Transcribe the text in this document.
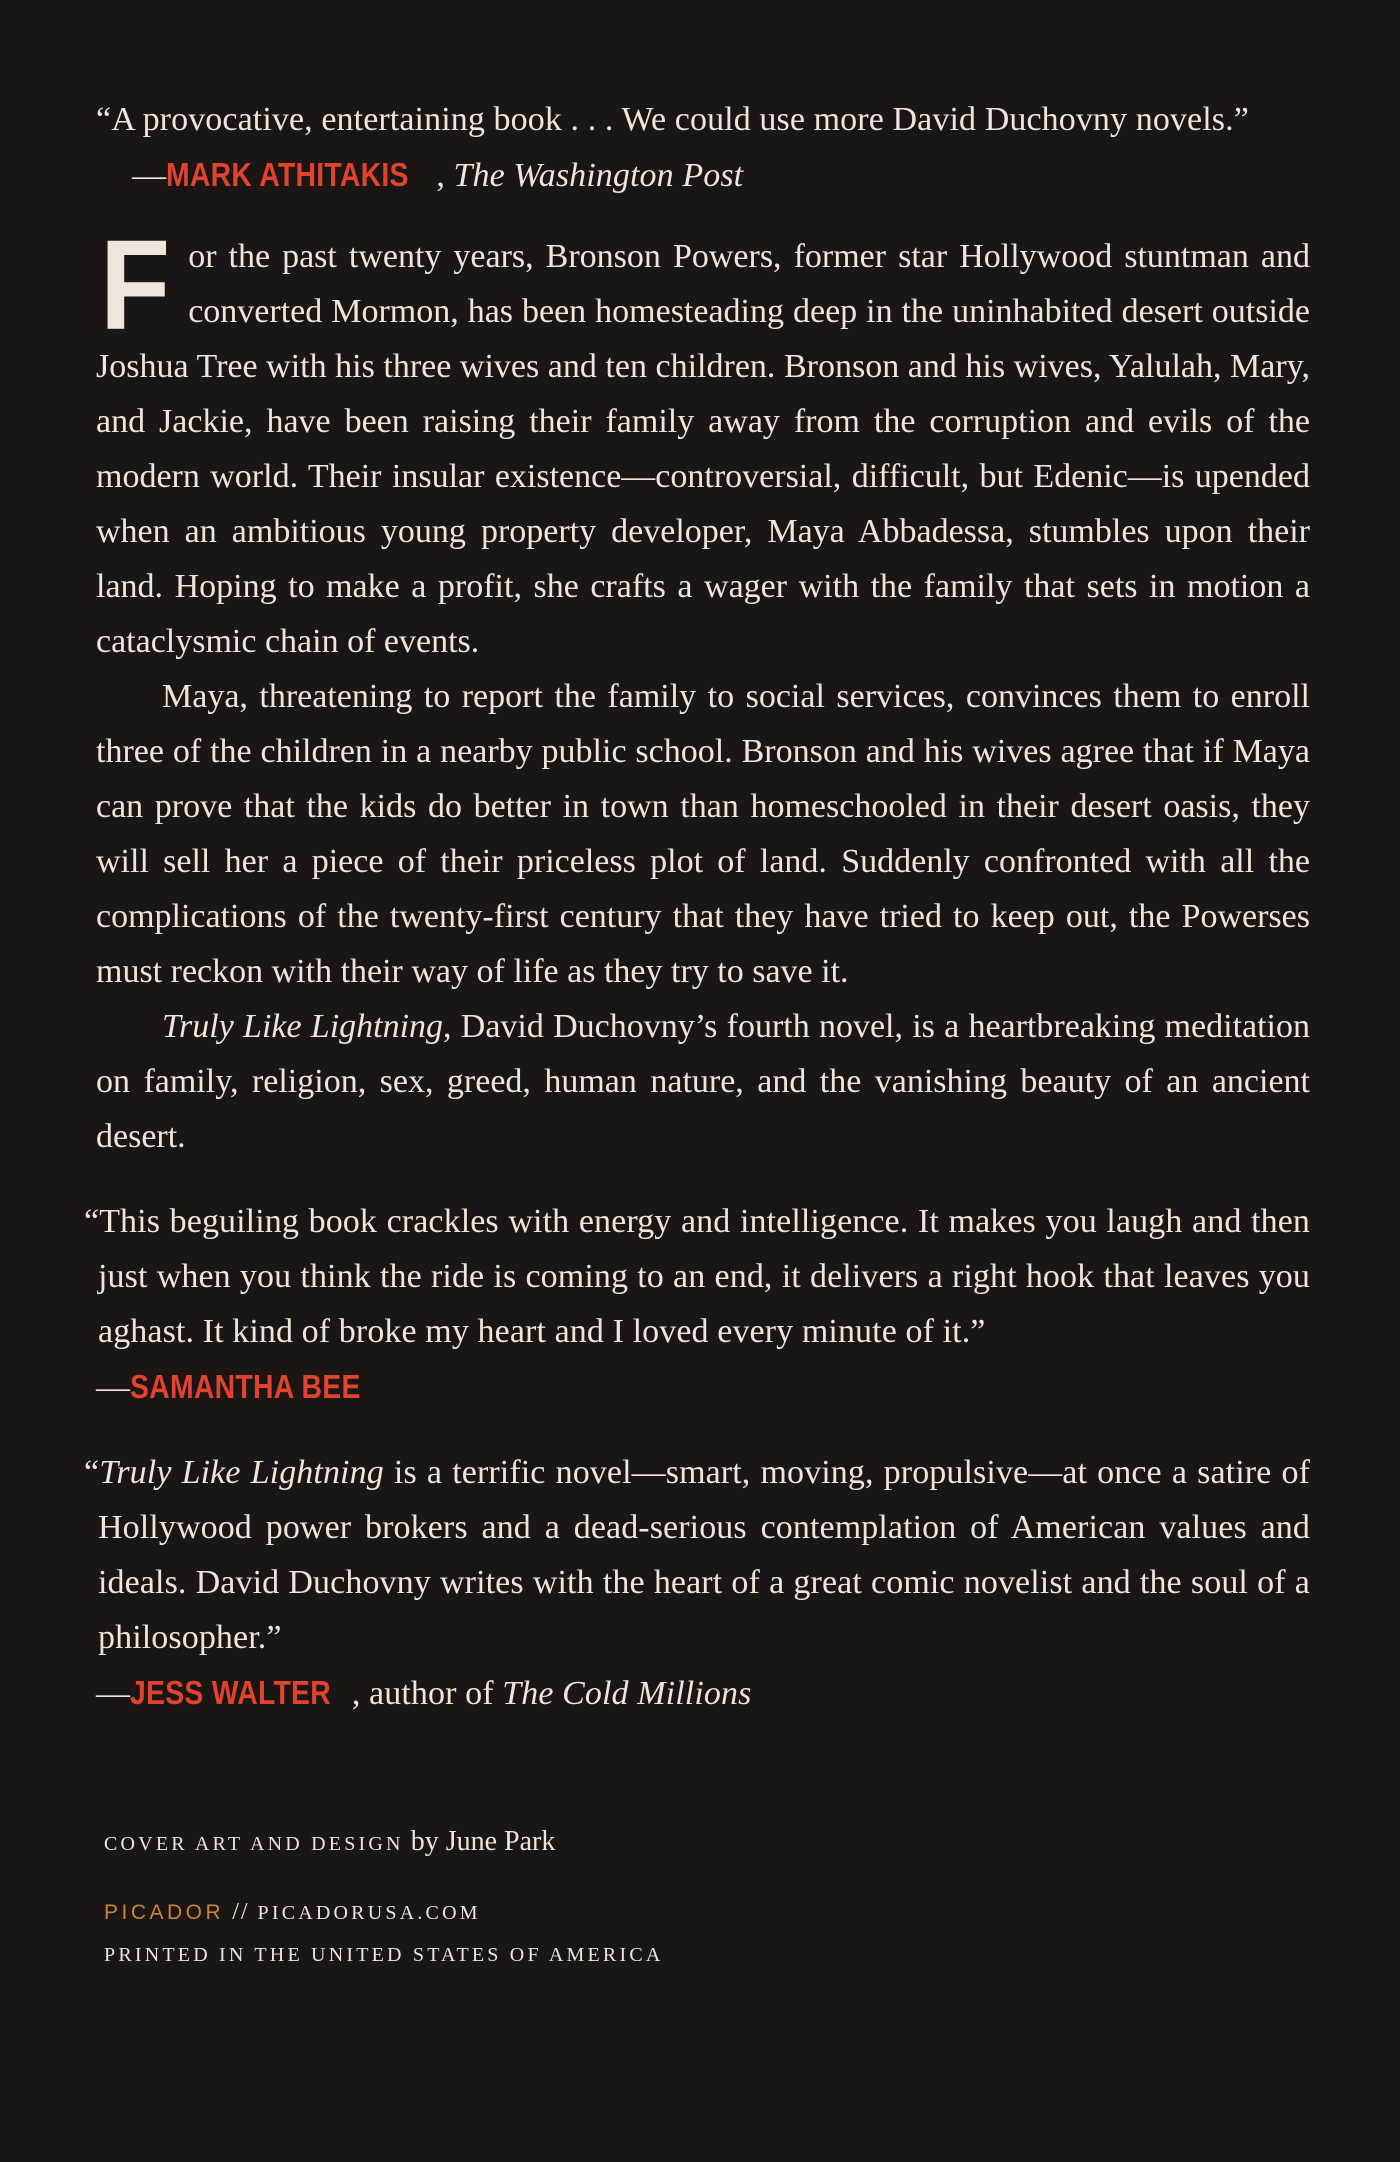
“A provocative, entertaining book . . . We could use more David Duchovny novels.”
—MARK ATHITAKIS , The Washington Post

For the past twenty years, Bronson Powers, former star Hollywood stuntman and converted Mormon, has been homesteading deep in the uninhabited desert outside Joshua Tree with his three wives and ten children. Bronson and his wives, Yalulah, Mary, and Jackie, have been raising their family away from the corruption and evils of the modern world. Their insular existence—controversial, difficult, but Edenic—is upended when an ambitious young property developer, Maya Abbadessa, stumbles upon their land. Hoping to make a profit, she crafts a wager with the family that sets in motion a cataclysmic chain of events.

Maya, threatening to report the family to social services, convinces them to enroll three of the children in a nearby public school. Bronson and his wives agree that if Maya can prove that the kids do better in town than homeschooled in their desert oasis, they will sell her a piece of their priceless plot of land. Suddenly confronted with all the complications of the twenty-first century that they have tried to keep out, the Powerses must reckon with their way of life as they try to save it.

Truly Like Lightning, David Duchovny’s fourth novel, is a heartbreaking meditation on family, religion, sex, greed, human nature, and the vanishing beauty of an ancient desert.

“This beguiling book crackles with energy and intelligence. It makes you laugh and then just when you think the ride is coming to an end, it delivers a right hook that leaves you aghast. It kind of broke my heart and I loved every minute of it.”
—SAMANTHA BEE
“Truly Like Lightning is a terrific novel—smart, moving, propulsive—at once a satire of Hollywood power brokers and a dead-serious contemplation of American values and ideals. David Duchovny writes with the heart of a great comic novelist and the soul of a philosopher.”
—JESS WALTER , author of The Cold Millions
COVER ART AND DESIGN by June Park
PICADOR // PICADORUSA.COM
PRINTED IN THE UNITED STATES OF AMERICA
